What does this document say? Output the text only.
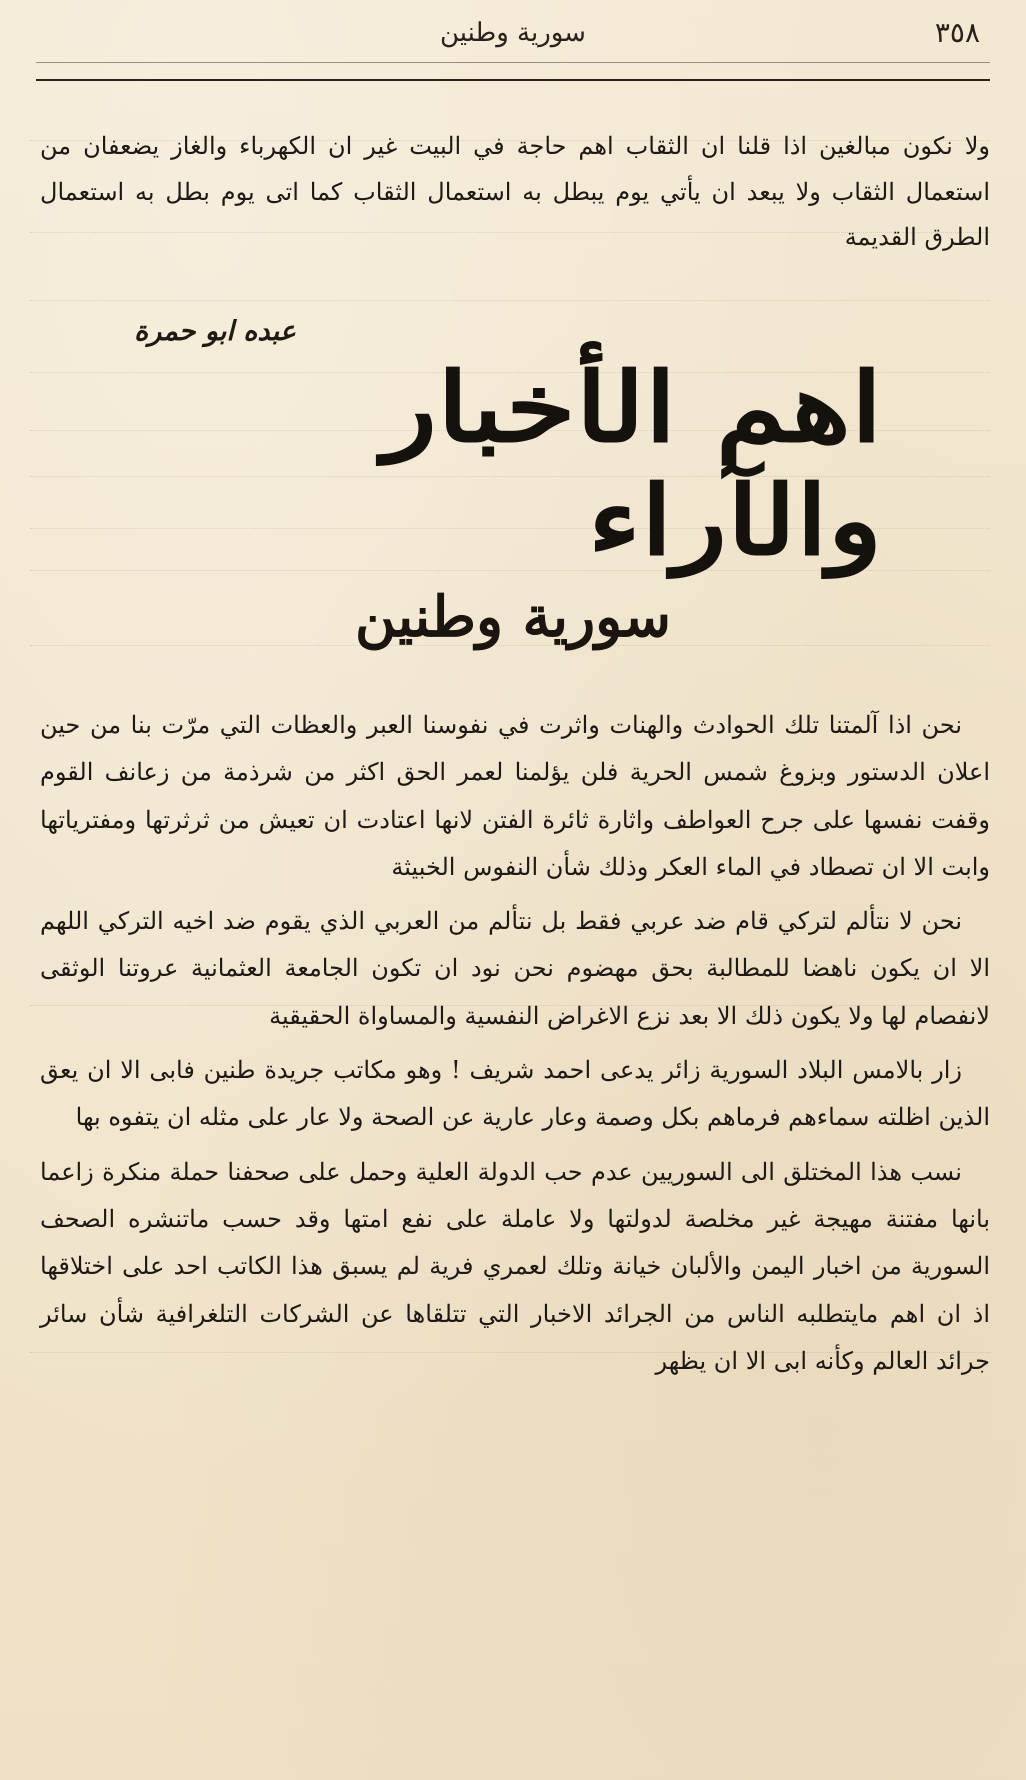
٣٥٨
سورية وطنين

ولا نكون مبالغين اذا قلنا ان الثقاب اهم حاجة في البيت غير ان الكهرباء والغاز يضعفان من استعمال الثقاب ولا يبعد ان يأتي يوم يبطل به استعمال الثقاب كما اتى يوم بطل به استعمال الطرق القديمة

عبده ابو حمرة
اهم الأخبار والآراء
سورية وطنين

نحن اذا آلمتنا تلك الحوادث والهنات واثرت في نفوسنا العبر والعظات التي مرّت بنا من حين اعلان الدستور وبزوغ شمس الحرية فلن يؤلمنا لعمر الحق اكثر من شرذمة من زعانف القوم وقفت نفسها على جرح العواطف واثارة ثائرة الفتن لانها اعتادت ان تعيش من ثرثرتها ومفترياتها وابت الا ان تصطاد في الماء العكر وذلك شأن النفوس الخبيثة

نحن لا نتألم لتركي قام ضد عربي فقط بل نتألم من العربي الذي يقوم ضد اخيه التركي اللهم الا ان يكون ناهضا للمطالبة بحق مهضوم نحن نود ان تكون الجامعة العثمانية عروتنا الوثقى لانفصام لها ولا يكون ذلك الا بعد نزع الاغراض النفسية والمساواة الحقيقية

زار بالامس البلاد السورية زائر يدعى احمد شريف ! وهو مكاتب جريدة طنين فابى الا ان يعق الذين اظلته سماءهم فرماهم بكل وصمة وعار عارية عن الصحة ولا عار على مثله ان يتفوه بها

نسب هذا المختلق الى السوريين عدم حب الدولة العلية وحمل على صحفنا حملة منكرة زاعما بانها مفتنة مهيجة غير مخلصة لدولتها ولا عاملة على نفع امتها وقد حسب ماتنشره الصحف السورية من اخبار اليمن والألبان خيانة وتلك لعمري فرية لم يسبق هذا الكاتب احد على اختلاقها اذ ان اهم مايتطلبه الناس من الجرائد الاخبار التي تتلقاها عن الشركات التلغرافية شأن سائر جرائد العالم وكأنه ابى الا ان يظهر
